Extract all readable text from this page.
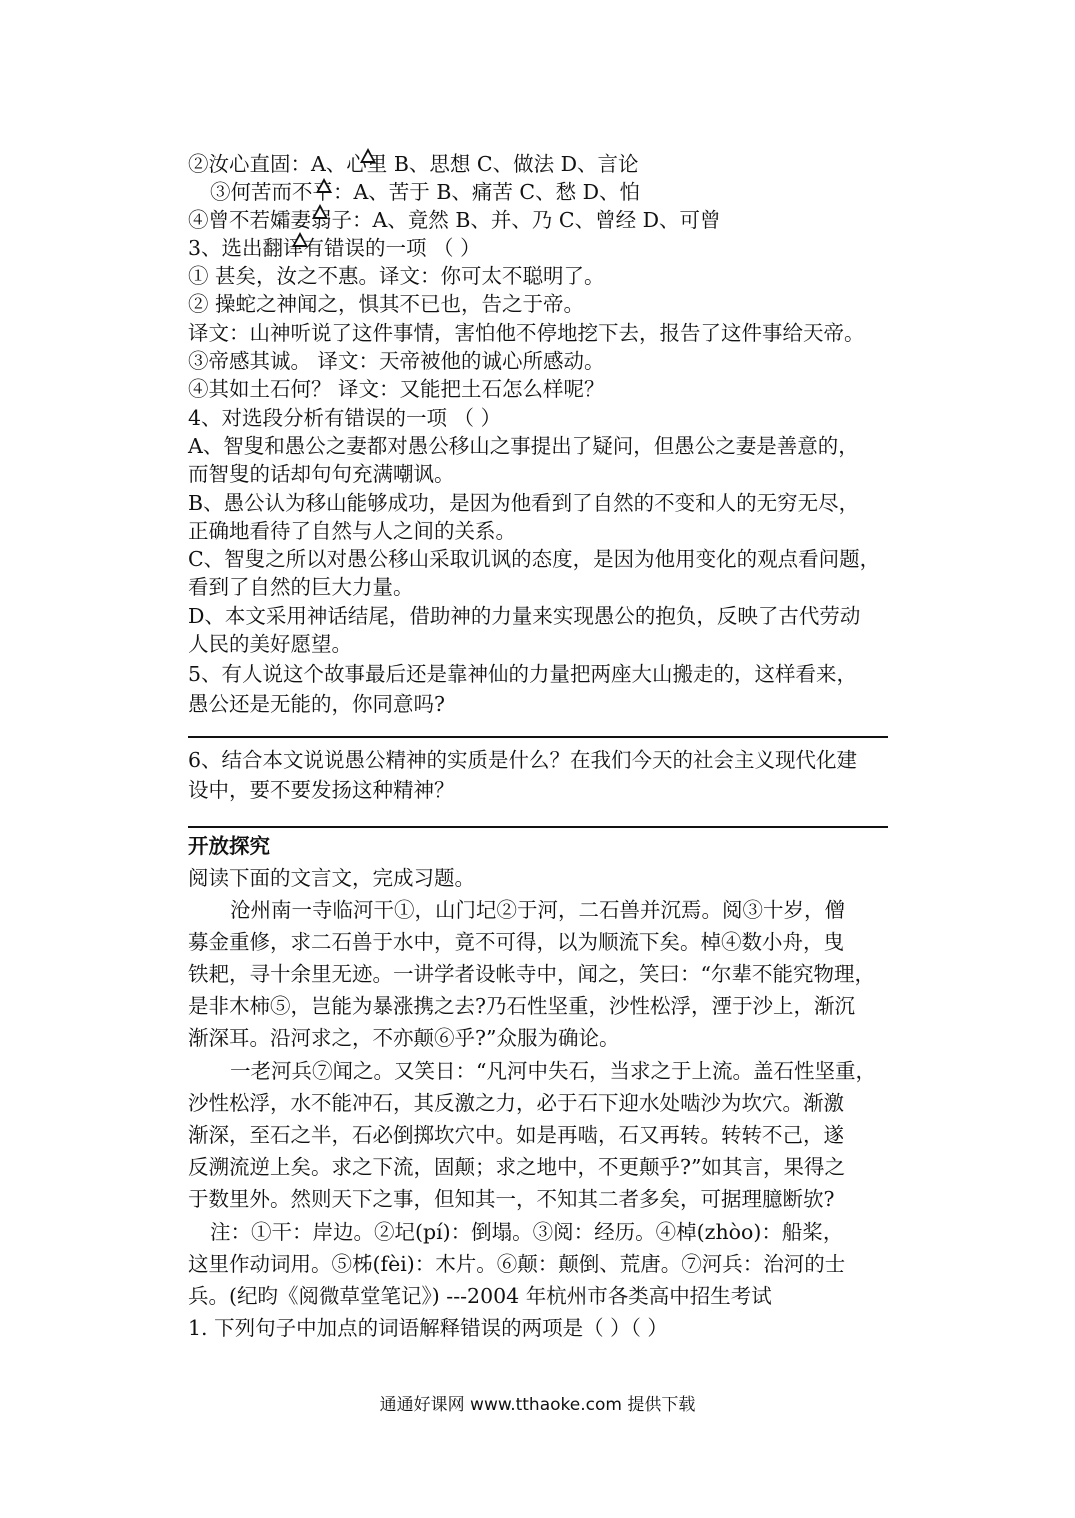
②汝心直固：A、心里 B、思想 C、做法 D、言论
③何苦而不平：A、苦于 B、痛苦 C、愁 D、怕
④曾不若孀妻弱子：A、竟然 B、并、乃 C、曾经 D、可曾
3、选出翻译有错误的一项 （ ）
① 甚矣，汝之不惠。译文：你可太不聪明了。
② 操蛇之神闻之，惧其不已也，告之于帝。
译文：山神听说了这件事情，害怕他不停地挖下去，报告了这件事给天帝。
③帝感其诚。 译文：天帝被他的诚心所感动。
④其如土石何？ 译文：又能把土石怎么样呢？
4、对选段分析有错误的一项 （ ）
A、智叟和愚公之妻都对愚公移山之事提出了疑问，但愚公之妻是善意的，
而智叟的话却句句充满嘲讽。
B、愚公认为移山能够成功，是因为他看到了自然的不变和人的无穷无尽，
正确地看待了自然与人之间的关系。
C、智叟之所以对愚公移山采取讥讽的态度，是因为他用变化的观点看问题，
看到了自然的巨大力量。
D、本文采用神话结尾，借助神的力量来实现愚公的抱负，反映了古代劳动
人民的美好愿望。
5、有人说这个故事最后还是靠神仙的力量把两座大山搬走的，这样看来，
愚公还是无能的，你同意吗?
6、结合本文说说愚公精神的实质是什么？在我们今天的社会主义现代化建
设中，要不要发扬这种精神？
开放探究
阅读下面的文言文，完成习题。
沧州南一寺临河干①，山门圮②于河，二石兽并沉焉。阅③十岁，僧
募金重修，求二石兽于水中，竟不可得，以为顺流下矣。棹④数小舟，曳
铁耙，寻十余里无迹。一讲学者设帐寺中，闻之，笑曰：“尔辈不能究物理，
是非木柿⑤，岂能为暴涨携之去?乃石性坚重，沙性松浮，湮于沙上，渐沉
渐深耳。沿河求之，不亦颠⑥乎?”众服为确论。
一老河兵⑦闻之。又笑日：“凡河中失石，当求之于上流。盖石性坚重，
沙性松浮，水不能冲石，其反激之力，必于石下迎水处啮沙为坎穴。渐激
渐深，至石之半，石必倒掷坎穴中。如是再啮，石又再转。转转不己，遂
反溯流逆上矣。求之下流，固颠；求之地中，不更颠乎?”如其言，果得之
于数里外。然则天下之事，但知其一，不知其二者多矣，可据理臆断欤?
注：①干：岸边。②圮(pí)：倒塌。③阅：经历。④棹(zhòo)：船桨，
这里作动词用。⑤柹(fèi)：木片。⑥颠：颠倒、荒唐。⑦河兵：治河的士
兵。(纪昀《阅微草堂笔记》) ---2004 年杭州市各类高中招生考试
1. 下列句子中加点的词语解释错误的两项是（ ）（ ）
通通好课网 www.tthaoke.com 提供下载
